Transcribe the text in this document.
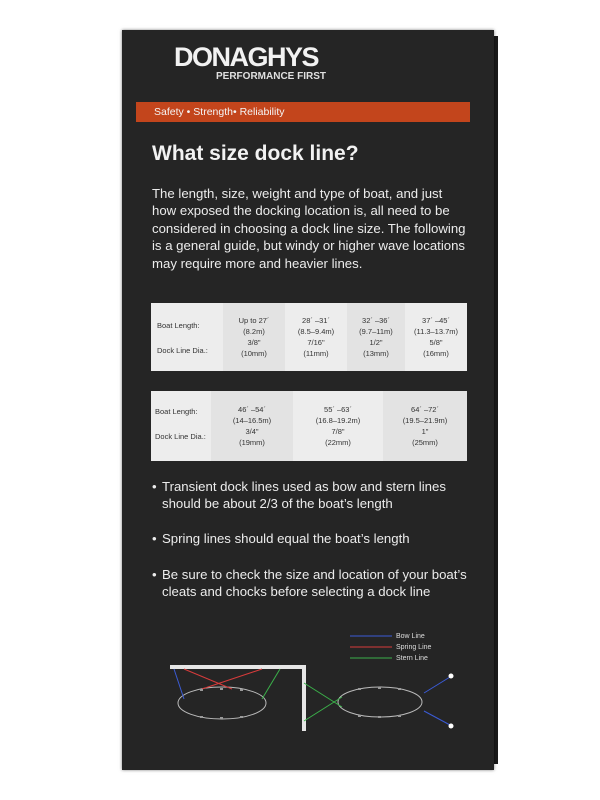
DONAGHYS
PERFORMANCE FIRST
Safety • Strength• Reliability
What size dock line?
The length, size, weight and type of boat, and just how exposed the docking location is, all need to be considered in choosing a dock line size. The following is a general guide, but windy or higher wave locations may require more and heavier lines.
Boat Length:
Dock Line Dia.:
Up to 27´
(8.2m)
3/8"
(10mm)
28´ –31´
(8.5–9.4m)
7/16"
(11mm)
32´ –36´
(9.7–11m)
1/2"
(13mm)
37´ –45´
(11.3–13.7m)
5/8"
(16mm)
Boat Length:
Dock Line Dia.:
46´ –54´
(14–16.5m)
3/4"
(19mm)
55´ –63´
(16.8–19.2m)
7/8"
(22mm)
64´ –72´
(19.5–21.9m)
1"
(25mm)
• Transient dock lines used as bow and stern lines should be about 2/3 of the boat’s length
• Spring lines should equal the boat’s length
• Be sure to check the size and location of your boat’s cleats and chocks before selecting a dock line
Bow Line
Spring Line
Stern Line
